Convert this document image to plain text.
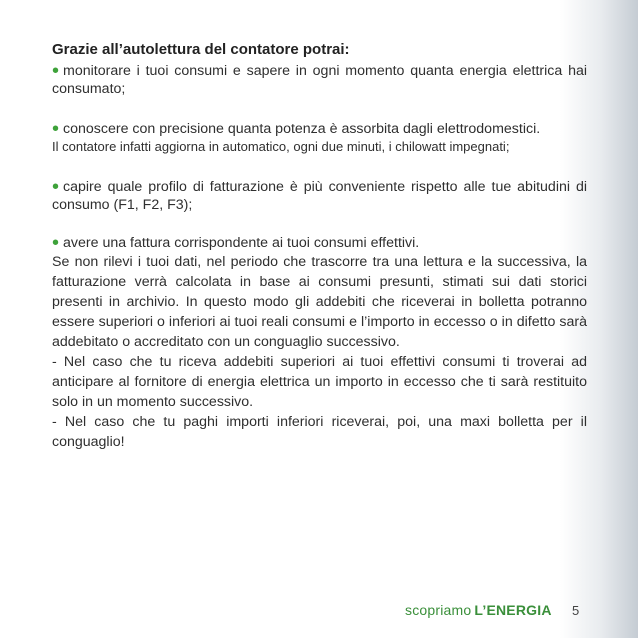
Grazie all’autolettura del contatore potrai:

• monitorare i tuoi consumi e sapere in ogni momento quanta energia elettrica hai consumato;
• conoscere con precisione quanta potenza è assorbita dagli elettrodomestici.
Il contatore infatti aggiorna in automatico, ogni due minuti, i chilowatt impegnati;
• capire quale profilo di fatturazione è più conveniente rispetto alle tue abitudini di consumo (F1, F2, F3);
• avere una fattura corrispondente ai tuoi consumi effettivi.

Se non rilevi i tuoi dati, nel periodo che trascorre tra una lettura e la successiva, la fatturazione verrà calcolata in base ai consumi presunti, stimati sui dati storici presenti in archivio. In questo modo gli addebiti che riceverai in bolletta potranno essere superiori o inferiori ai tuoi reali consumi e l’importo in eccesso o in difetto sarà addebitato o accreditato con un conguaglio successivo.

- Nel caso che tu riceva addebiti superiori ai tuoi effettivi consumi ti troverai ad anticipare al fornitore di energia elettrica un importo in eccesso che ti sarà restituito solo in un momento successivo.

- Nel caso che tu paghi importi inferiori riceverai, poi, una maxi bolletta per il conguaglio!

scopriamo L’ENERGIA 5
